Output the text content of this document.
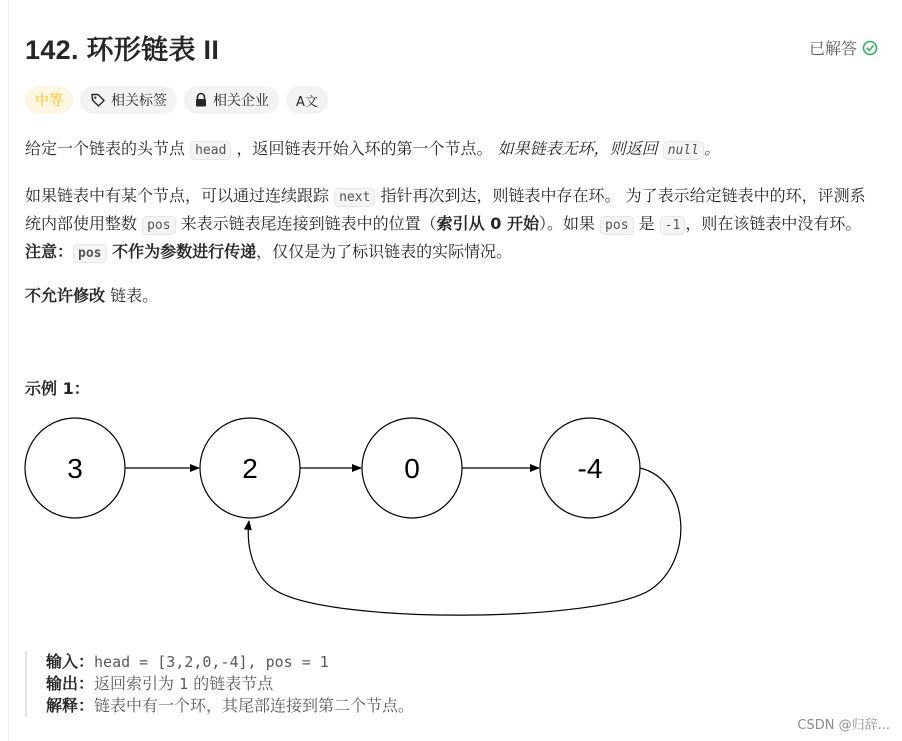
142. 环形链表 II	已解答
中等	相关标签	相关企业 A文
给定一个链表的头节点 head ，返回链表开始入环的第一个节点。 如果链表无环，则返回 null 。
如果链表中有某个节点，可以通过连续跟踪 next 指针再次到达，则链表中存在环。 为了表示给定链表中的环，评测系统内部使用整数 pos 来表示链表尾连接到链表中的位置（索引从 0 开始）。如果 pos 是 -1 ，则在该链表中没有环。注意： pos 不作为参数进行传递，仅仅是为了标识链表的实际情况。
不允许修改 链表。
示例 1：
3	2	0	-4
输入：head = [3,2,0,-4], pos = 1
输出：返回索引为 1 的链表节点
解释：链表中有一个环，其尾部连接到第二个节点。
CSDN @归辞...
